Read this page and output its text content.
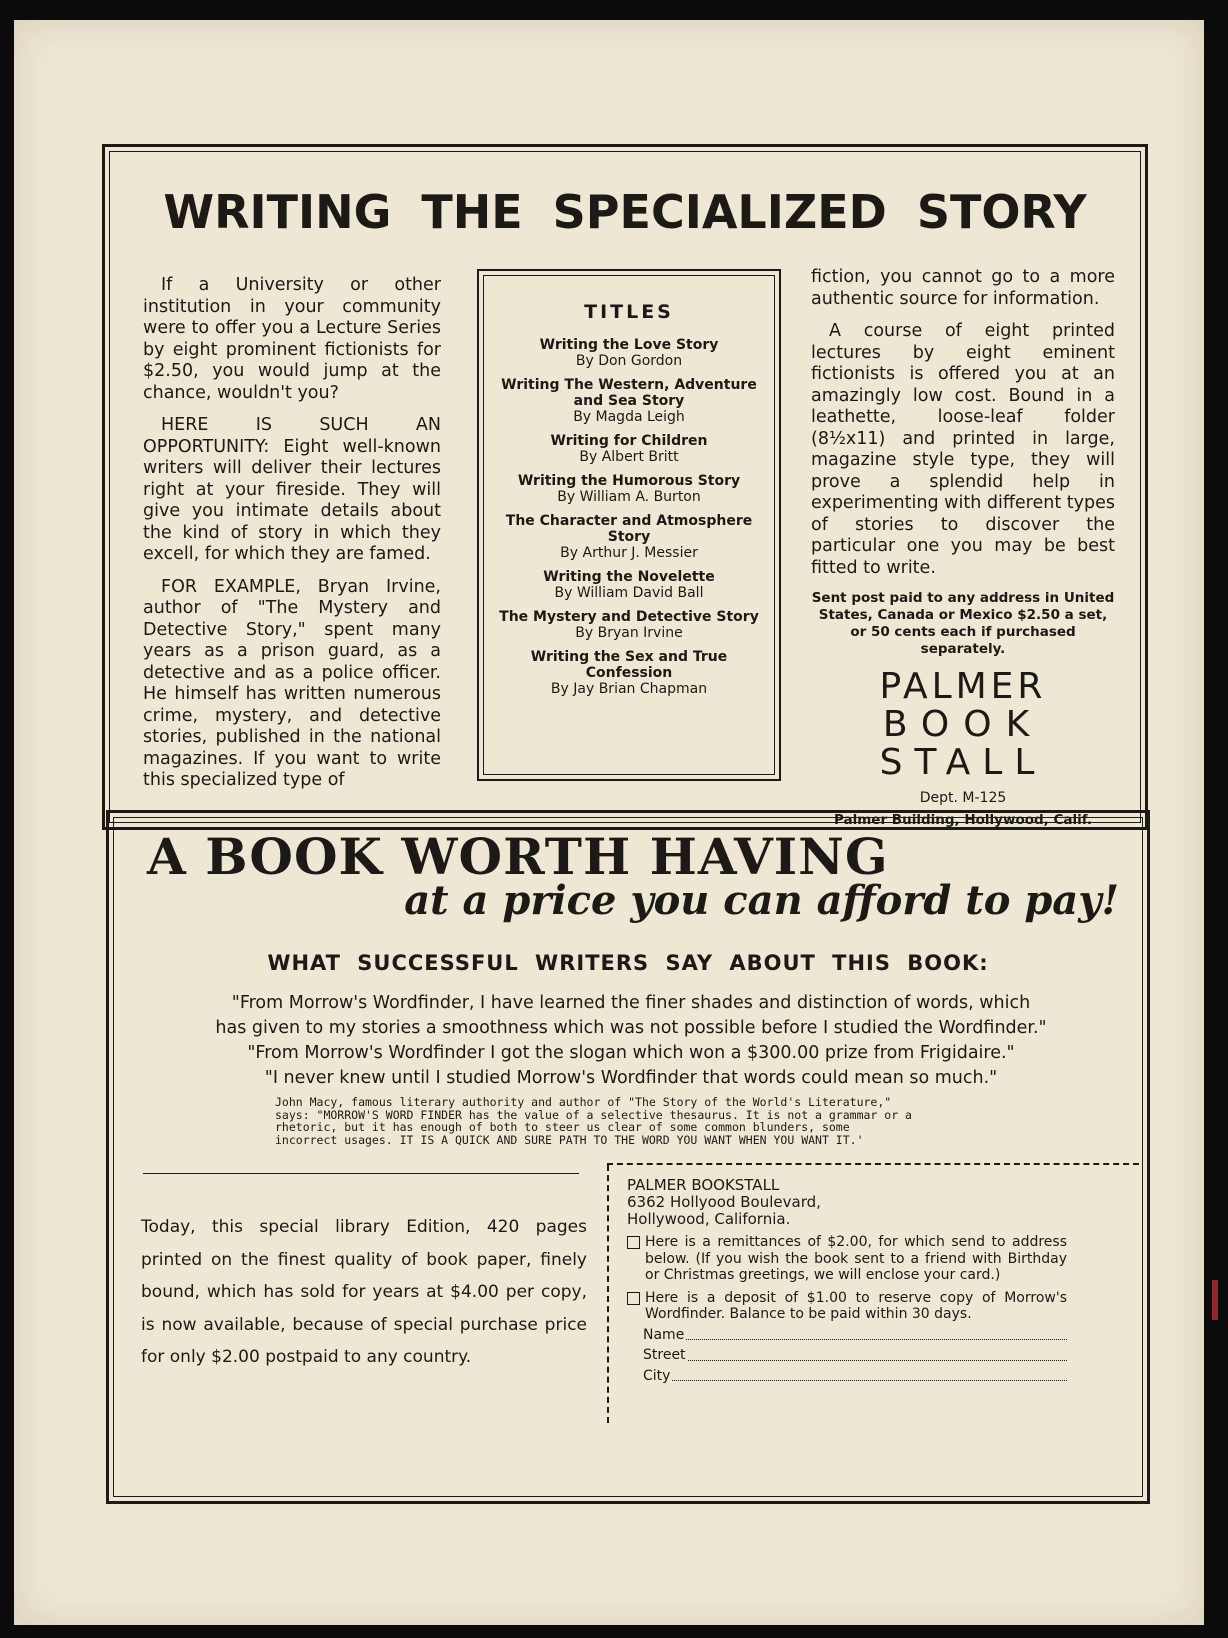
WRITING THE SPECIALIZED STORY

If a University or other institution in your community were to offer you a Lecture Series by eight prominent fictionists for $2.50, you would jump at the chance, wouldn't you?

HERE IS SUCH AN OPPORTUNITY: Eight well-known writers will deliver their lectures right at your fireside. They will give you intimate details about the kind of story in which they excell, for which they are famed.

FOR EXAMPLE, Bryan Irvine, author of "The Mystery and Detective Story," spent many years as a prison guard, as a detective and as a police officer. He himself has written numerous crime, mystery, and detective stories, published in the national magazines. If you want to write this specialized type of

TITLES
Writing the Love Story
By Don Gordon
Writing The Western, Adventure and Sea Story
By Magda Leigh
Writing for Children
By Albert Britt
Writing the Humorous Story
By William A. Burton
The Character and Atmosphere Story
By Arthur J. Messier
Writing the Novelette
By William David Ball
The Mystery and Detective Story
By Bryan Irvine
Writing the Sex and True Confession
By Jay Brian Chapman

fiction, you cannot go to a more authentic source for information.

A course of eight printed lectures by eight eminent fictionists is offered you at an amazingly low cost. Bound in a leathette, loose-leaf folder (8½x11) and printed in large, magazine style type, they will prove a splendid help in experimenting with different types of stories to discover the particular one you may be best fitted to write.

Sent post paid to any address in United States, Canada or Mexico $2.50 a set, or 50 cents each if purchased separately.
PALMER
BOOK
STALL
Dept. M-125
Palmer Building, Hollywood, Calif.
A BOOK WORTH HAVING
at a price you can afford to pay!
WHAT SUCCESSFUL WRITERS SAY ABOUT THIS BOOK:
"From Morrow's Wordfinder, I have learned the finer shades and distinction of words, which
has given to my stories a smoothness which was not possible before I studied the Wordfinder."
"From Morrow's Wordfinder I got the slogan which won a $300.00 prize from Frigidaire."
"I never knew until I studied Morrow's Wordfinder that words could mean so much."
John Macy, famous literary authority and author of "The Story of the World's Literature," says: "MORROW'S WORD FINDER has the value of a selective thesaurus. It is not a grammar or a rhetoric, but it has enough of both to steer us clear of some common blunders, some incorrect usages. IT IS A QUICK AND SURE PATH TO THE WORD YOU WANT WHEN YOU WANT IT.'
Today, this special library Edition, 420 pages printed on the finest quality of book paper, finely bound, which has sold for years at $4.00 per copy, is now available, because of special purchase price for only $2.00 postpaid to any country.
PALMER BOOKSTALL
6362 Hollyood Boulevard,
Hollywood, California.
Here is a remittances of $2.00, for which send to address below. (If you wish the book sent to a friend with Birthday or Christmas greetings, we will enclose your card.)
Here is a deposit of $1.00 to reserve copy of Morrow's Wordfinder. Balance to be paid within 30 days.
Name
Street
City
